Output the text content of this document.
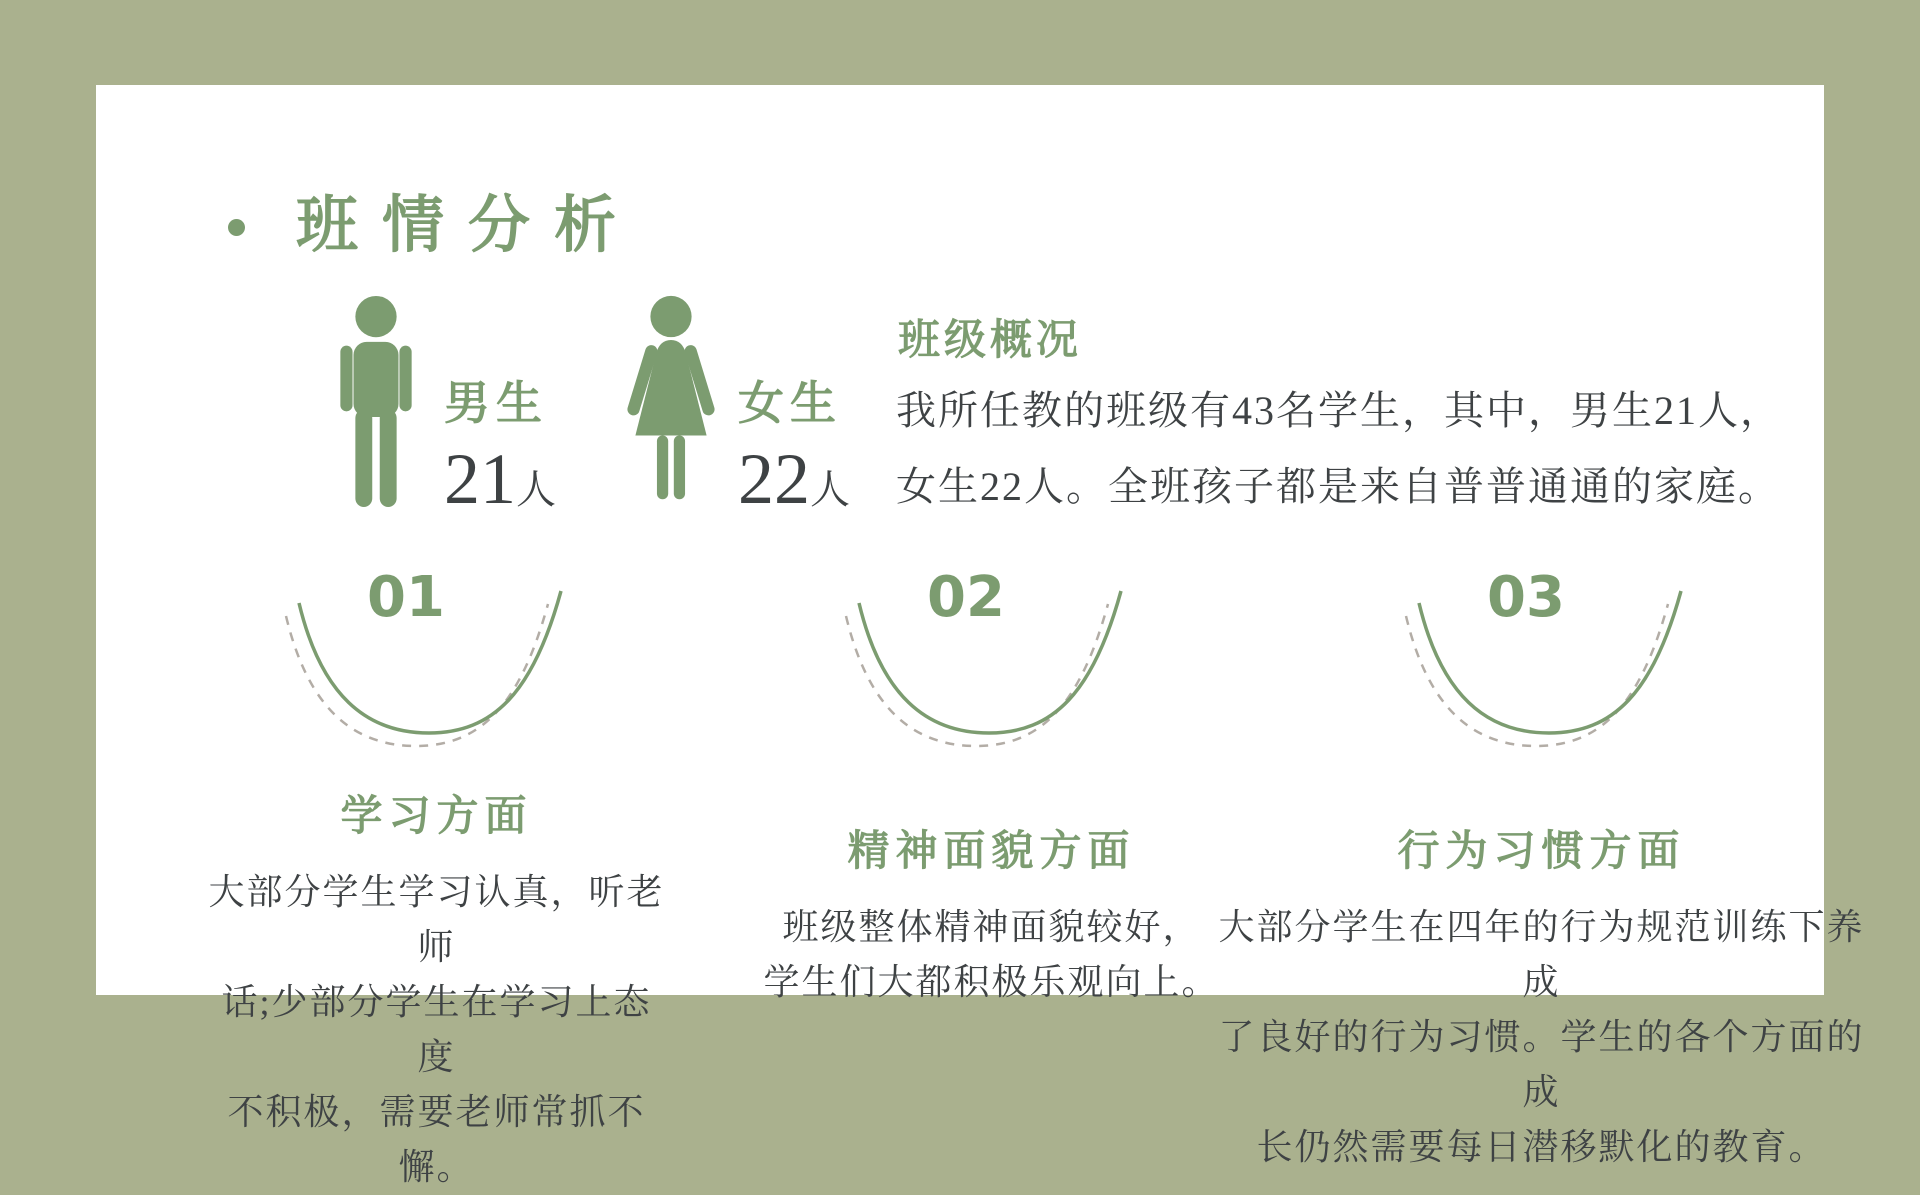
班情分析
男生
21人
女生
22人
班级概况
我所任教的班级有43名学生，其中，男生21人，
女生22人。全班孩子都是来自普普通通的家庭。
01	02	03
学习方面
大部分学生学习认真，听老师
话;少部分学生在学习上态度
不积极，需要老师常抓不懈。
精神面貌方面
班级整体精神面貌较好，
学生们大都积极乐观向上。
行为习惯方面
大部分学生在四年的行为规范训练下养成
了良好的行为习惯。学生的各个方面的成
长仍然需要每日潜移默化的教育。
